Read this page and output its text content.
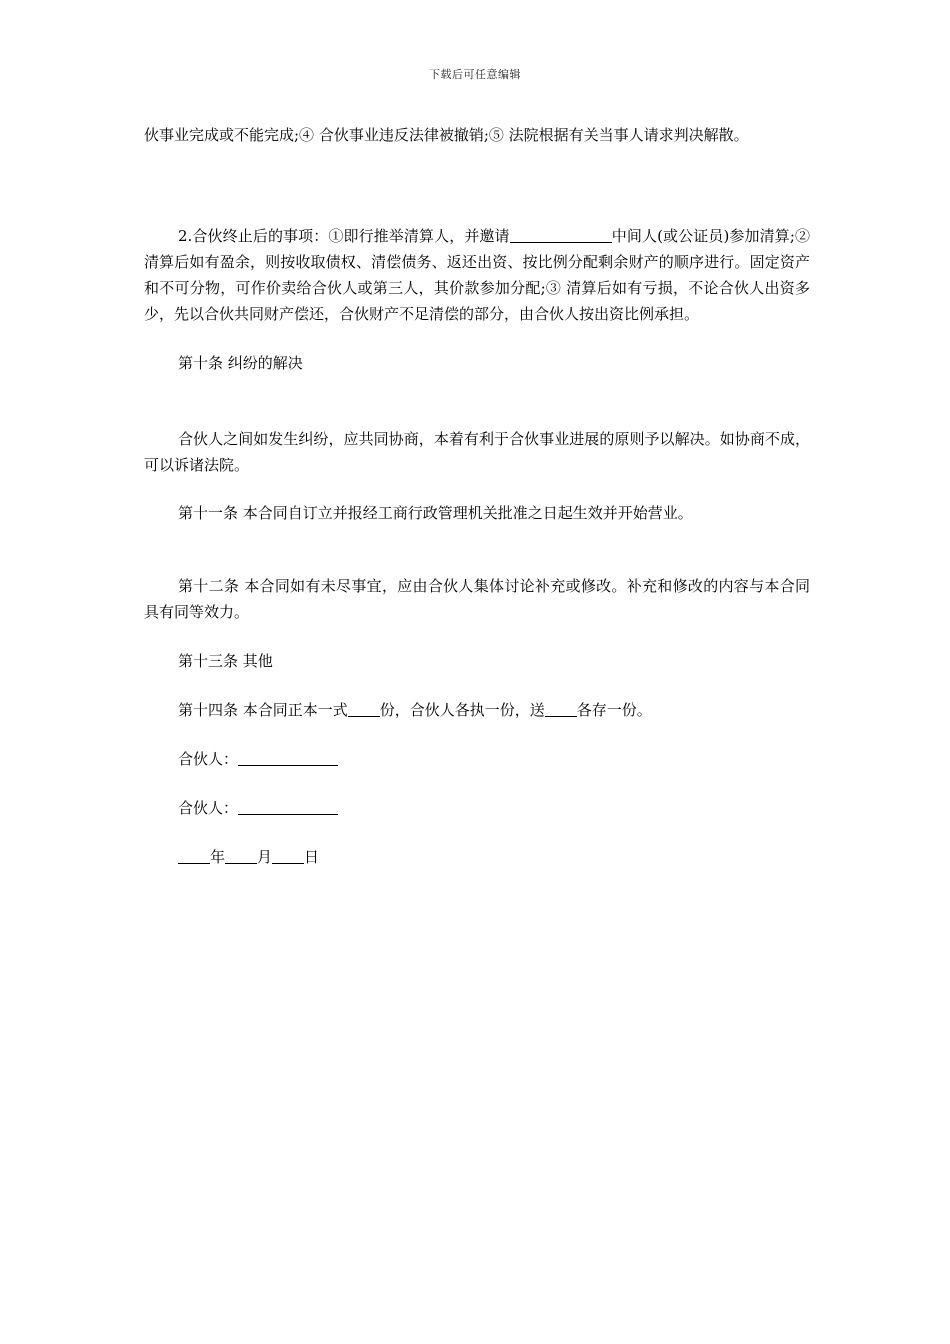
下载后可任意编辑

伙事业完成或不能完成;④ 合伙事业违反法律被撤销;⑤ 法院根据有关当事人请求判决解散。

2.合伙终止后的事项：①即行推举清算人，并邀请	中间人(或公证员)参加清算;② 清算后如有盈余，则按收取债权、清偿债务、返还出资、按比例分配剩余财产的顺序进行。固定资产和不可分物，可作价卖给合伙人或第三人，其价款参加分配;③ 清算后如有亏损，不论合伙人出资多少，先以合伙共同财产偿还，合伙财产不足清偿的部分，由合伙人按出资比例承担。

第十条 纠纷的解决

合伙人之间如发生纠纷，应共同协商，本着有利于合伙事业进展的原则予以解决。如协商不成，可以诉诸法院。

第十一条 本合同自订立并报经工商行政管理机关批准之日起生效并开始营业。

第十二条 本合同如有未尽事宜，应由合伙人集体讨论补充或修改。补充和修改的内容与本合同具有同等效力。

第十三条 其他

第十四条 本合同正本一式 份，合伙人各执一份，送 各存一份。

合伙人：

合伙人：

年 月 日
